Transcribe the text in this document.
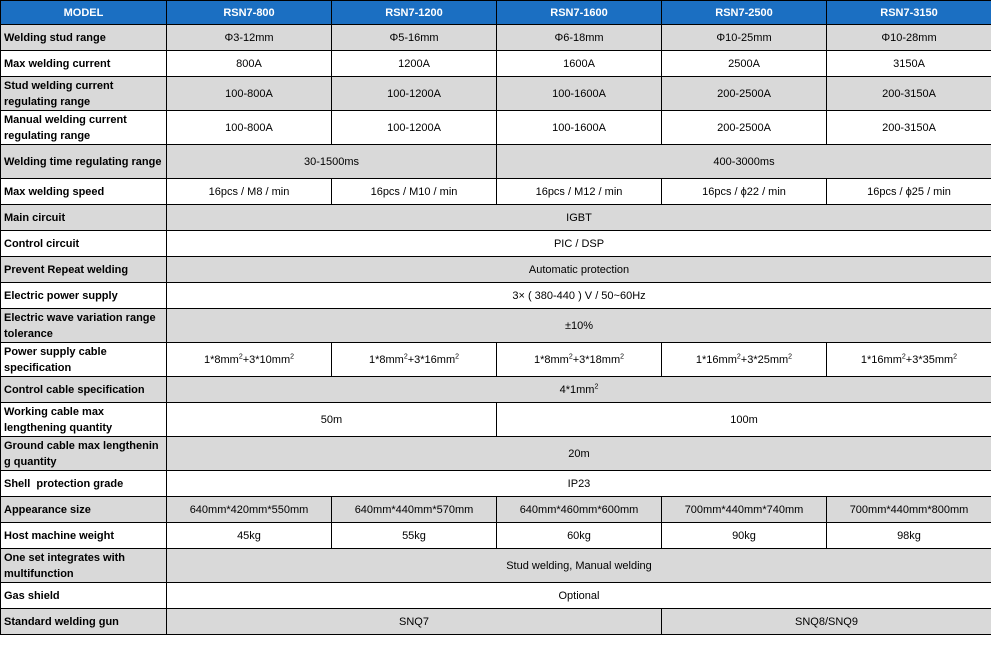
MODEL	RSN7-800	RSN7-1200	RSN7-1600	RSN7-2500	RSN7-3150
Welding stud range	Φ3-12mm	Φ5-16mm	Φ6-18mm	Φ10-25mm	Φ10-28mm
Max welding current	800A	1200A	1600A	2500A	3150A
Stud welding current regulating range	100-800A	100-1200A	100-1600A	200-2500A	200-3150A
Manual welding current regulating range	100-800A	100-1200A	100-1600A	200-2500A	200-3150A
Welding time regulating range	30-1500ms		400-3000ms		
Max welding speed	16pcs / M8 / min	16pcs / M10 / min	16pcs / M12 / min	16pcs / ϕ22 / min	16pcs / ϕ25 / min
Main circuit	IGBT				
Control circuit	PIC / DSP				
Prevent Repeat welding	Automatic protection				
Electric power supply	3× ( 380-440 ) V / 50~60Hz				
Electric wave variation range tolerance	±10%				
Power supply cable specification	$1*8mm^2+3*10mm^2$	$1*8mm^2+3*16mm^2$	$1*8mm^2+3*18mm^2$	$1*16mm^2+3*25mm^2$	$1*16mm^2+3*35mm^2$
Control cable specification	$4*1mm^2$
Working cable max lengthening quantity	50m		100m		
Ground cable max lengthenin
g quantity	20m				
Shell  protection grade	IP23				
Appearance size	640mm*420mm*550mm	640mm*440mm*570mm	640mm*460mm*600mm	700mm*440mm*740mm	700mm*440mm*800mm
Host machine weight	45kg	55kg	60kg	90kg	98kg
One set integrates with multifunction	Stud welding, Manual welding				
Gas shield	Optional				
Standard welding gun	SNQ7			SNQ8/SNQ9	
